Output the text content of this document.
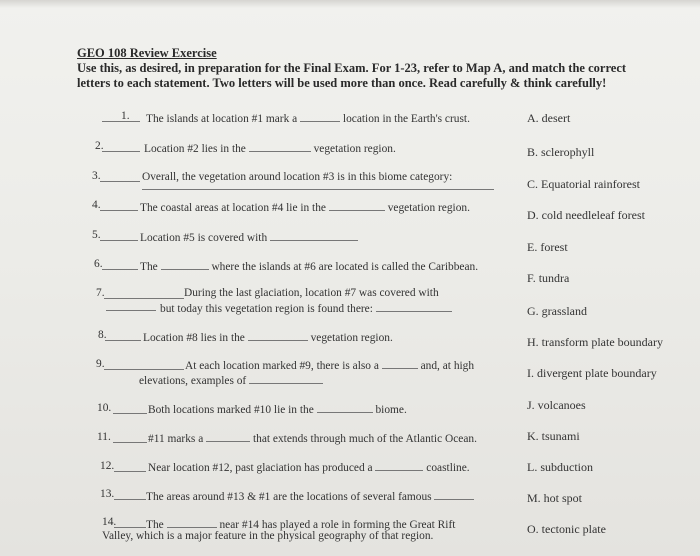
GEO 108 Review Exercise
Use this, as desired, in preparation for the Final Exam. For 1-23, refer to Map A, and match the correct
letters to each statement. Two letters will be used more than once. Read carefully & think carefully!
1. The islands at location #1 mark a	location in the Earth's crust.
2.	Location #2 lies in the	vegetation region.
3.	Overall, the vegetation around location #3 is in this biome category:
4.	The coastal areas at location #4 lie in the	vegetation region.
5.	Location #5 is covered with
6.	The	where the islands at #6 are located is called the Caribbean.
7.	During the last glaciation, location #7 was covered with
but today this vegetation region is found there:
8.	Location #8 lies in the	vegetation region.
9.	At each location marked #9, there is also a	and, at high
elevations, examples of
10.	Both locations marked #10 lie in the	biome.
11.	#11 marks a	that extends through much of the Atlantic Ocean.
12.	Near location #12, past glaciation has produced a	coastline.
13.	The areas around #13 & #1 are the locations of several famous
14.	The	near #14 has played a role in forming the Great Rift
Valley, which is a major feature in the physical geography of that region.
A. desert
B. sclerophyll
C. Equatorial rainforest
D. cold needleleaf forest
E. forest
F. tundra
G. grassland
H. transform plate boundary
I. divergent plate boundary
J. volcanoes
K. tsunami
L. subduction
M. hot spot
O. tectonic plate
